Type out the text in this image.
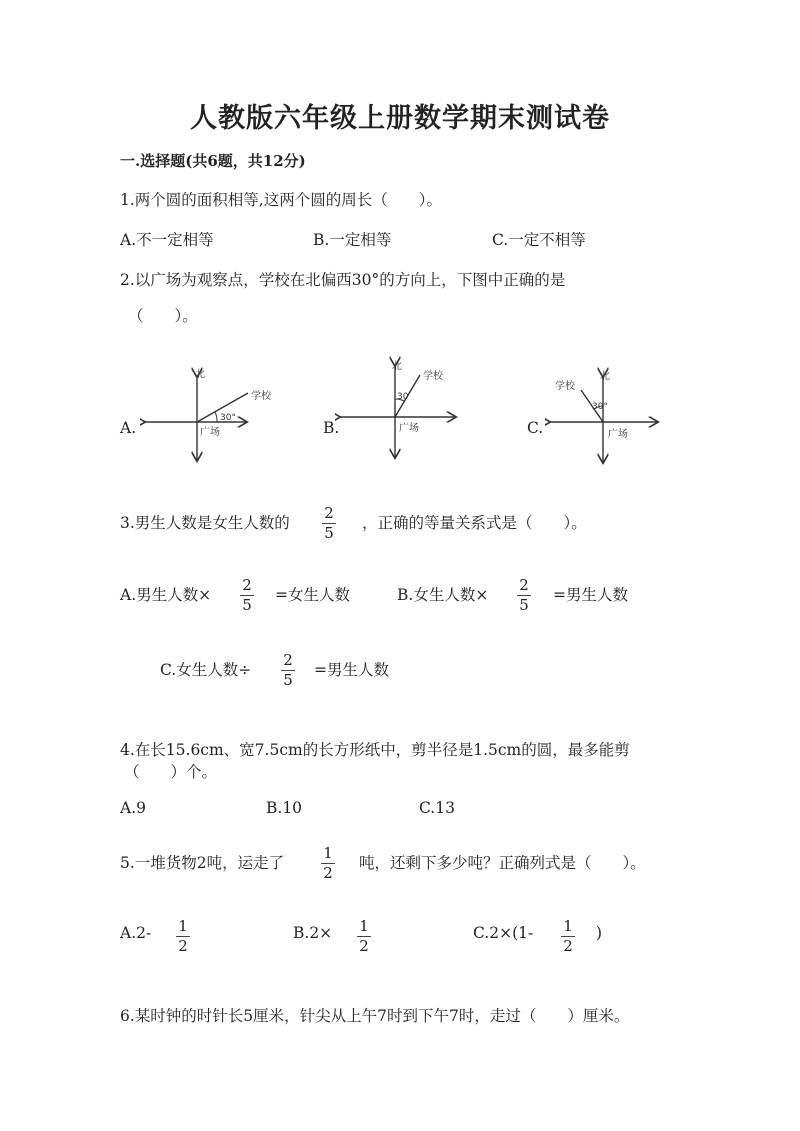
人教版六年级上册数学期末测试卷
一.选择题(共6题，共12分)
1.两个圆的面积相等,这两个圆的周长（　　）。
A.不一定相等	B.一定相等	C.一定不相等
2.以广场为观察点，学校在北偏西30°的方向上，下图中正确的是
（　　）。
A.	B.	C.
北
学校
30°
广场
北
学校
30
广场
北
学校
30°
广场
3.男生人数是女生人数的
2
5
，正确的等量关系式是（　　）。
A.男生人数×
2
5
=女生人数	B.女生人数×
2
5
=男生人数
C.女生人数÷
2
5
=男生人数
4.在长15.6cm、宽7.5cm的长方形纸中，剪半径是1.5cm的圆，最多能剪
（　　）个。
A.9	B.10	C.13
5.一堆货物2吨，运走了
1
2
吨，还剩下多少吨？正确列式是（　　）。
A.2- 1
2
B.2× 1
2
C.2×(1- 1
2
)
6.某时钟的时针长5厘米，针尖从上午7时到下午7时，走过（　　）厘米。
